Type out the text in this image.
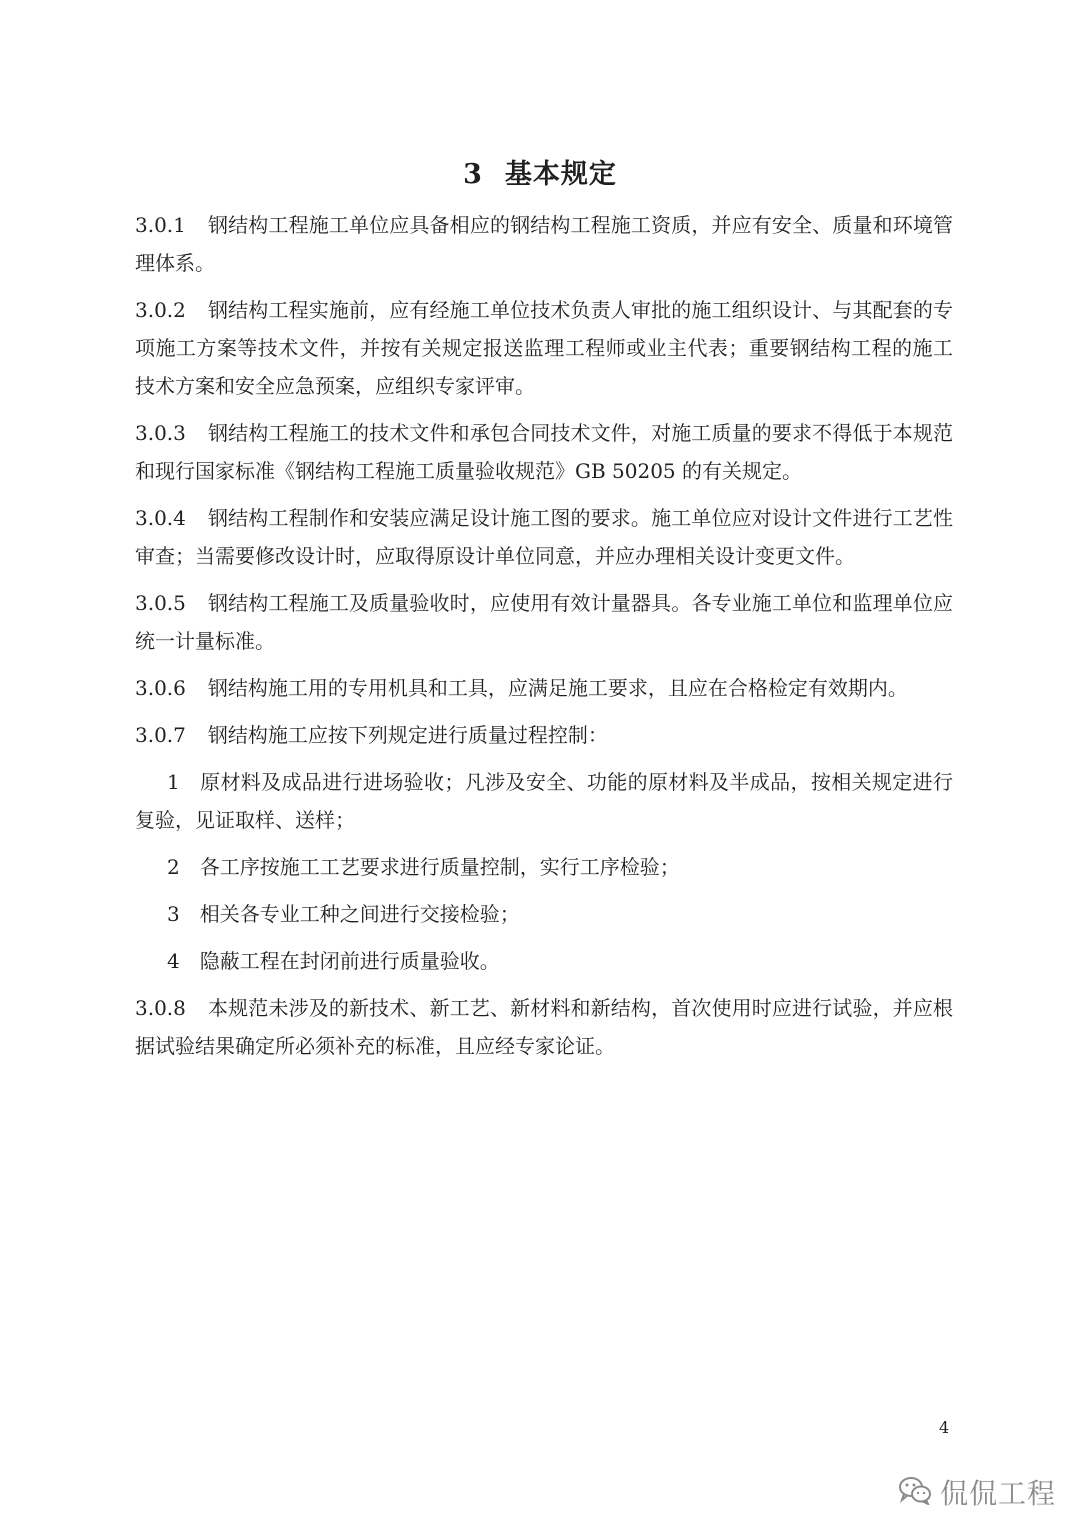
3 基本规定

3.0.1 钢结构工程施工单位应具备相应的钢结构工程施工资质，并应有安全、质量和环境管理体系。

3.0.2 钢结构工程实施前，应有经施工单位技术负责人审批的施工组织设计、与其配套的专项施工方案等技术文件，并按有关规定报送监理工程师或业主代表；重要钢结构工程的施工技术方案和安全应急预案，应组织专家评审。

3.0.3 钢结构工程施工的技术文件和承包合同技术文件，对施工质量的要求不得低于本规范和现行国家标准《钢结构工程施工质量验收规范》GB 50205 的有关规定。

3.0.4 钢结构工程制作和安装应满足设计施工图的要求。施工单位应对设计文件进行工艺性审查；当需要修改设计时，应取得原设计单位同意，并应办理相关设计变更文件。

3.0.5 钢结构工程施工及质量验收时，应使用有效计量器具。各专业施工单位和监理单位应统一计量标准。

3.0.6 钢结构施工用的专用机具和工具，应满足施工要求，且应在合格检定有效期内。

3.0.7 钢结构施工应按下列规定进行质量过程控制：

1 原材料及成品进行进场验收；凡涉及安全、功能的原材料及半成品，按相关规定进行复验，见证取样、送样；

2 各工序按施工工艺要求进行质量控制，实行工序检验；

3 相关各专业工种之间进行交接检验；

4 隐蔽工程在封闭前进行质量验收。

3.0.8 本规范未涉及的新技术、新工艺、新材料和新结构，首次使用时应进行试验，并应根据试验结果确定所必须补充的标准，且应经专家论证。

4
侃侃工程
